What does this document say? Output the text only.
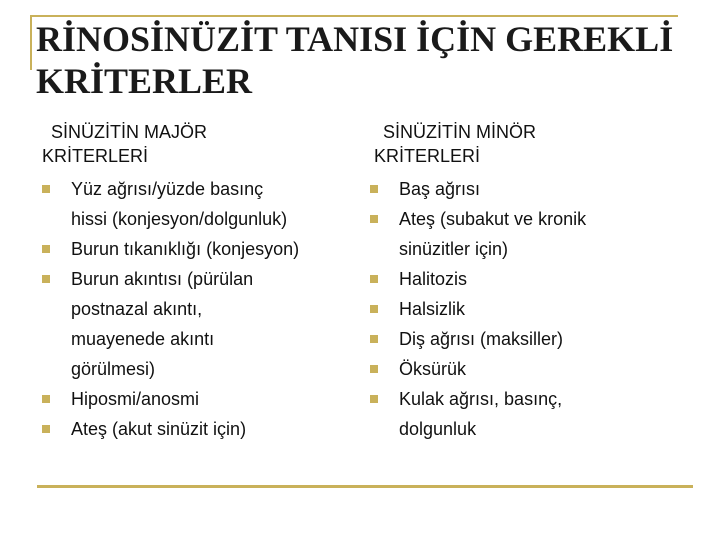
RİNOSİNÜZİT TANISI İÇİN GEREKLİ
KRİTERLER
SİNÜZİTİN MAJÖR
KRİTERLERİ
SİNÜZİTİN MİNÖR
KRİTERLERİ
Yüz ağrısı/yüzde basınç
hissi (konjesyon/dolgunluk)
Burun tıkanıklığı (konjesyon)
Burun akıntısı (pürülan
postnazal akıntı,
muayenede akıntı
görülmesi)
Hiposmi/anosmi
Ateş (akut sinüzit için)
Baş ağrısı
Ateş (subakut ve kronik
sinüzitler için)
Halitozis
Halsizlik
Diş ağrısı (maksiller)
Öksürük
Kulak ağrısı, basınç,
dolgunluk
